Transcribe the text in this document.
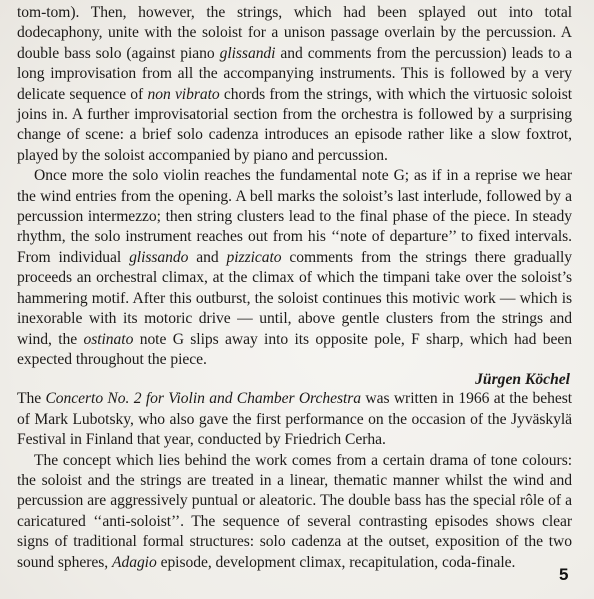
tom-tom). Then, however, the strings, which had been splayed out into total dodecaphony, unite with the soloist for a unison passage overlain by the percussion. A double bass solo (against piano glissandi and comments from the percussion) leads to a long improvisation from all the accompanying instruments. This is followed by a very delicate sequence of non vibrato chords from the strings, with which the virtuosic soloist joins in. A further improvisatorial section from the orchestra is followed by a surprising change of scene: a brief solo cadenza introduces an episode rather like a slow foxtrot, played by the soloist accompanied by piano and percussion.

Once more the solo violin reaches the fundamental note G; as if in a reprise we hear the wind entries from the opening. A bell marks the soloist’s last interlude, followed by a percussion intermezzo; then string clusters lead to the final phase of the piece. In steady rhythm, the solo instrument reaches out from his ‘‘note of departure’’ to fixed intervals. From individual glissando and pizzicato comments from the strings there gradually proceeds an orchestral climax, at the climax of which the timpani take over the soloist’s hammering motif. After this outburst, the soloist continues this motivic work — which is inexorable with its motoric drive — until, above gentle clusters from the strings and wind, the ostinato note G slips away into its opposite pole, F sharp, which had been expected throughout the piece.

Jürgen Köchel

The Concerto No. 2 for Violin and Chamber Orchestra was written in 1966 at the behest of Mark Lubotsky, who also gave the first performance on the occasion of the Jyväskylä Festival in Finland that year, conducted by Friedrich Cerha.

The concept which lies behind the work comes from a certain drama of tone colours: the soloist and the strings are treated in a linear, thematic manner whilst the wind and percussion are aggressively puntual or aleatoric. The double bass has the special rôle of a caricatured ‘‘anti-soloist’’. The sequence of several contrasting episodes shows clear signs of traditional formal structures: solo cadenza at the outset, exposition of the two sound spheres, Adagio episode, development climax, recapitulation, coda-finale.

5
